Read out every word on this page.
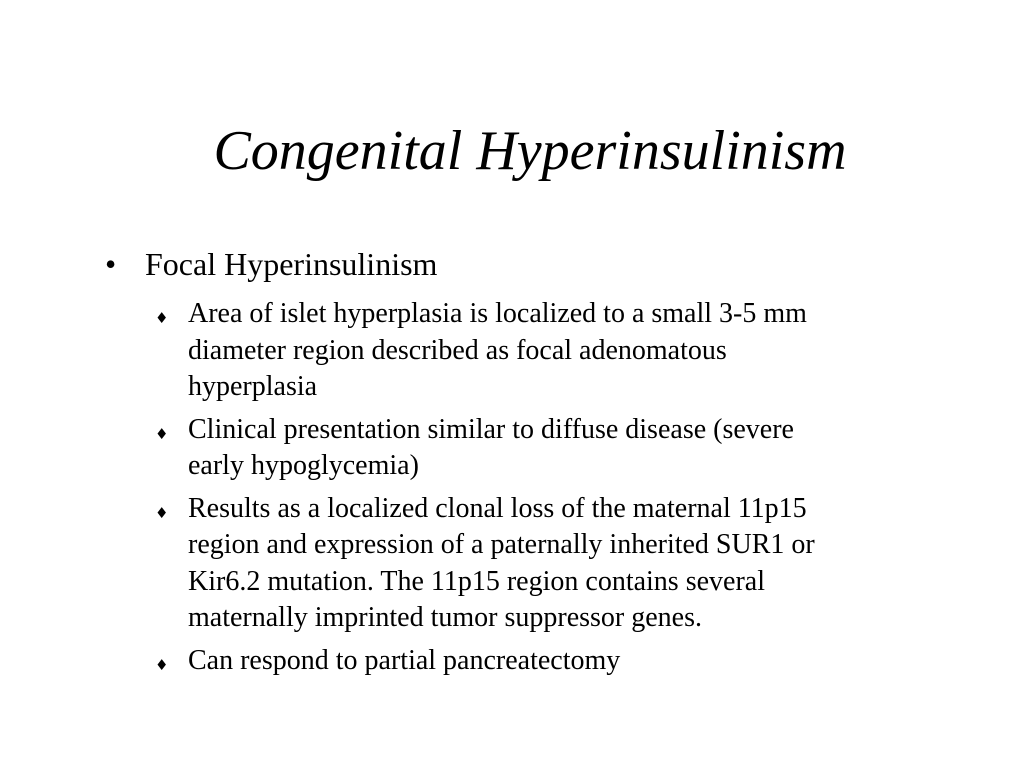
Congenital Hyperinsulinism
• Focal Hyperinsulinism
♦ Area of islet hyperplasia is localized to a small 3-5 mm
diameter region described as focal adenomatous
hyperplasia
♦ Clinical presentation similar to diffuse disease (severe
early hypoglycemia)
♦ Results as a localized clonal loss of the maternal 11p15
region and expression of a paternally inherited SUR1 or
Kir6.2 mutation. The 11p15 region contains several
maternally imprinted tumor suppressor genes.
♦ Can respond to partial pancreatectomy
